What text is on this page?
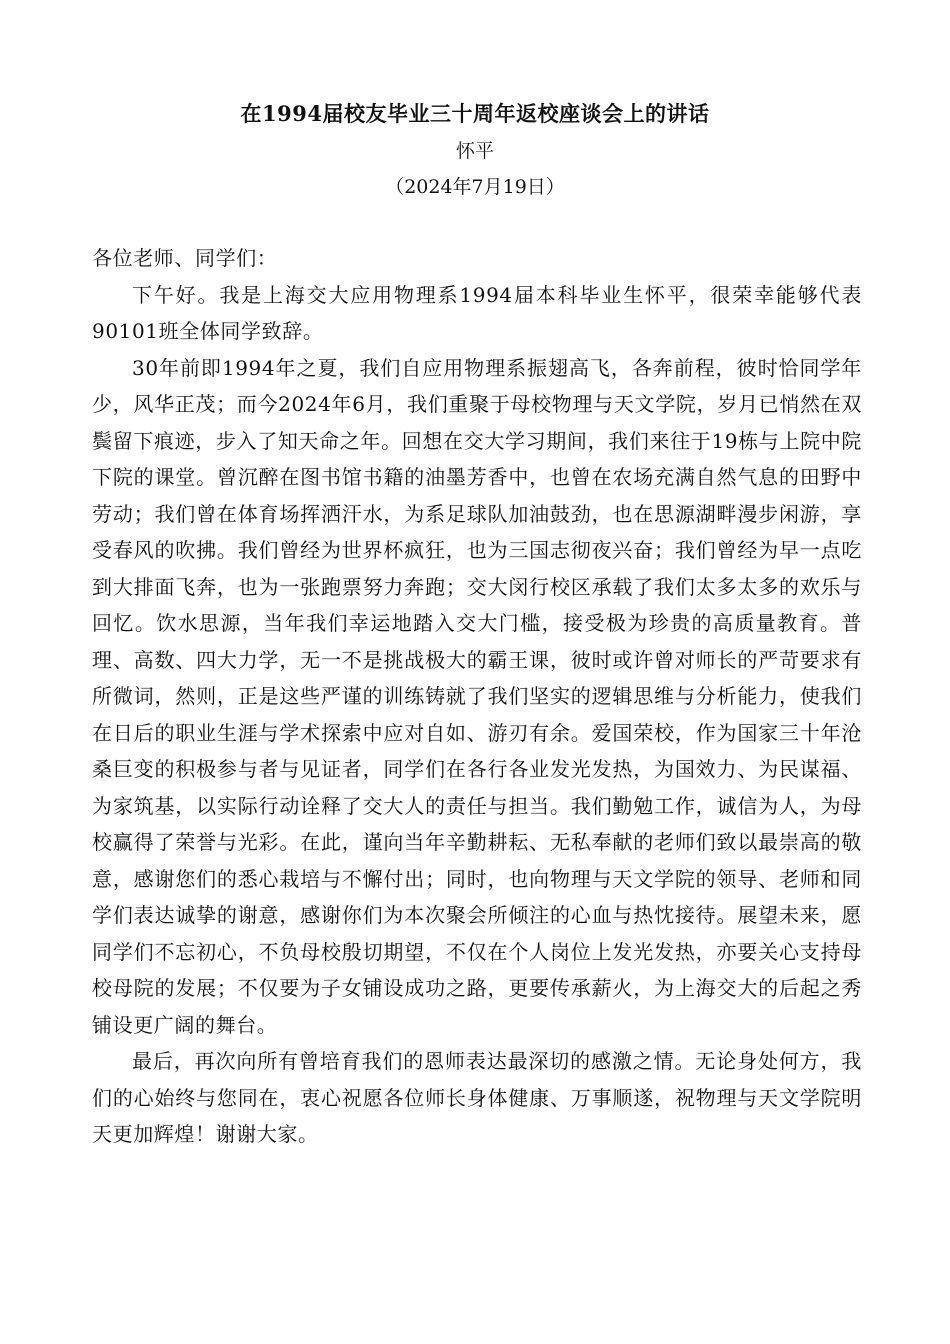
在1994届校友毕业三十周年返校座谈会上的讲话
怀平
（2024年7月19日）

各位老师、同学们：

下午好。我是上海交大应用物理系1994届本科毕业生怀平，很荣幸能够代表90101班全体同学致辞。

30年前即1994年之夏，我们自应用物理系振翅高飞，各奔前程，彼时恰同学年少，风华正茂；而今2024年6月，我们重聚于母校物理与天文学院，岁月已悄然在双鬓留下痕迹，步入了知天命之年。回想在交大学习期间，我们来往于19栋与上院中院下院的课堂。曾沉醉在图书馆书籍的油墨芳香中，也曾在农场充满自然气息的田野中劳动；我们曾在体育场挥洒汗水，为系足球队加油鼓劲，也在思源湖畔漫步闲游，享受春风的吹拂。我们曾经为世界杯疯狂，也为三国志彻夜兴奋；我们曾经为早一点吃到大排面飞奔，也为一张跑票努力奔跑；交大闵行校区承载了我们太多太多的欢乐与回忆。饮水思源，当年我们幸运地踏入交大门槛，接受极为珍贵的高质量教育。普理、高数、四大力学，无一不是挑战极大的霸王课，彼时或许曾对师长的严苛要求有所微词，然则，正是这些严谨的训练铸就了我们坚实的逻辑思维与分析能力，使我们在日后的职业生涯与学术探索中应对自如、游刃有余。爱国荣校，作为国家三十年沧桑巨变的积极参与者与见证者，同学们在各行各业发光发热，为国效力、为民谋福、为家筑基，以实际行动诠释了交大人的责任与担当。我们勤勉工作，诚信为人，为母校赢得了荣誉与光彩。在此，谨向当年辛勤耕耘、无私奉献的老师们致以最崇高的敬意，感谢您们的悉心栽培与不懈付出；同时，也向物理与天文学院的领导、老师和同学们表达诚挚的谢意，感谢你们为本次聚会所倾注的心血与热忱接待。展望未来，愿同学们不忘初心，不负母校殷切期望，不仅在个人岗位上发光发热，亦要关心支持母校母院的发展；不仅要为子女铺设成功之路，更要传承薪火，为上海交大的后起之秀铺设更广阔的舞台。

最后，再次向所有曾培育我们的恩师表达最深切的感激之情。无论身处何方，我们的心始终与您同在，衷心祝愿各位师长身体健康、万事顺遂，祝物理与天文学院明天更加辉煌！谢谢大家。
